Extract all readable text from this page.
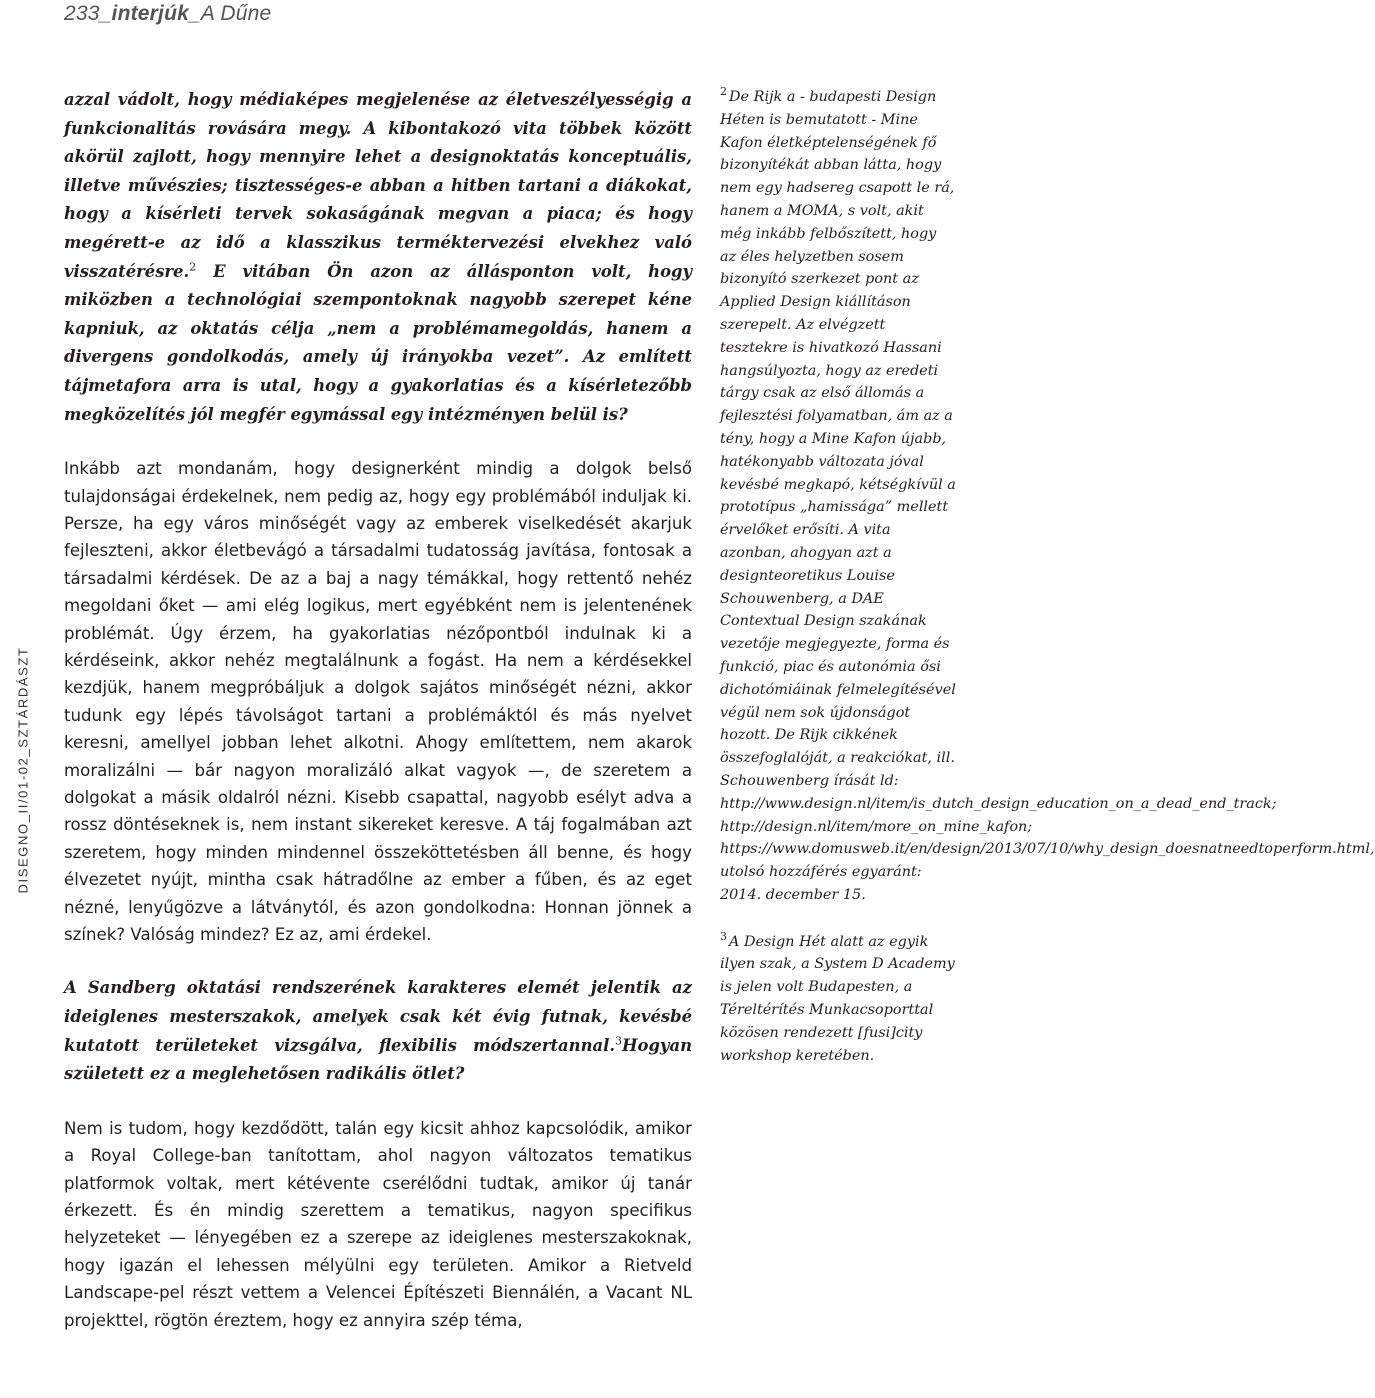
233_interjúk_A Dűne
DISEGNO_II/01-02_SZTÁRDÁSZT

azzal vádolt, hogy médiaképes megjelenése az életveszélyességig a funkcionalitás rovására megy. A kibontakozó vita többek között akörül zajlott, hogy mennyire lehet a designoktatás konceptuális, illetve művészies; tisztességes-e abban a hitben tartani a diákokat, hogy a kísérleti tervek sokaságának megvan a piaca; és hogy megérett-e az idő a klasszikus terméktervezési elvekhez való visszatérésre.$^2$ E vitában Ön azon az állásponton volt, hogy miközben a technológiai szempontoknak nagyobb szerepet kéne kapniuk, az oktatás célja „nem a problémamegoldás, hanem a divergens gondolkodás, amely új irányokba vezet”. Az említett tájmetafora arra is utal, hogy a gyakorlatias és a kísérletezőbb megközelítés jól megfér egymással egy intézményen belül is?

Inkább azt mondanám, hogy designerként mindig a dolgok belső tulajdonságai érdekelnek, nem pedig az, hogy egy problémából induljak ki. Persze, ha egy város minőségét vagy az emberek viselkedését akarjuk fejleszteni, akkor életbevágó a társadalmi tudatosság javítása, fontosak a társadalmi kérdések. De az a baj a nagy témákkal, hogy rettentő nehéz megoldani őket — ami elég logikus, mert egyébként nem is jelentenének problémát. Úgy érzem, ha gyakorlatias nézőpontból indulnak ki a kérdéseink, akkor nehéz megtalálnunk a fogást. Ha nem a kérdésekkel kezdjük, hanem megpróbáljuk a dolgok sajátos minőségét nézni, akkor tudunk egy lépés távolságot tartani a problémáktól és más nyelvet keresni, amellyel jobban lehet alkotni. Ahogy említettem, nem akarok moralizálni — bár nagyon moralizáló alkat vagyok —, de szeretem a dolgokat a másik oldalról nézni. Kisebb csapattal, nagyobb esélyt adva a rossz döntéseknek is, nem instant sikereket keresve. A táj fogalmában azt szeretem, hogy minden mindennel összeköttetésben áll benne, és hogy élvezetet nyújt, mintha csak hátradőlne az ember a fűben, és az eget nézné, lenyűgözve a látványtól, és azon gondolkodna: Honnan jönnek a színek? Valóság mindez? Ez az, ami érdekel.

A Sandberg oktatási rendszerének karakteres elemét jelentik az ideiglenes mesterszakok, amelyek csak két évig futnak, kevésbé kutatott területeket vizsgálva, flexibilis módszertannal.$^3$Hogyan született ez a meglehetősen radikális ötlet?

Nem is tudom, hogy kezdődött, talán egy kicsit ahhoz kapcsolódik, amikor a Royal College-ban tanítottam, ahol nagyon változatos tematikus platformok voltak, mert kétévente cserélődni tudtak, amikor új tanár érkezett. És én mindig szerettem a tematikus, nagyon specifikus helyzeteket — lényegében ez a szerepe az ideiglenes mesterszakoknak, hogy igazán el lehessen mélyülni egy területen. Amikor a Rietveld Landscape-pel részt vettem a Velencei Építészeti Biennálén, a Vacant NL projekttel, rögtön éreztem, hogy ez annyira szép téma,

$^2$ De Rijk a - budapesti Design Héten is bemutatott - Mine Kafon életképtelenségének fő bizonyítékát abban látta, hogy nem egy hadsereg csapott le rá, hanem a MOMA, s volt, akit még inkább felbőszített, hogy az éles helyzetben sosem bizonyító szerkezet pont az Applied Design kiállításon szerepelt. Az elvégzett tesztekre is hivatkozó Hassani hangsúlyozta, hogy az eredeti tárgy csak az első állomás a fejlesztési folyamatban, ám az a tény, hogy a Mine Kafon újabb, hatékonyabb változata jóval kevésbé megkapó, kétségkívül a prototípus „hamissága” mellett érvelőket erősíti. A vita azonban, ahogyan azt a designteoretikus Louise Schouwenberg, a DAE Contextual Design szakának vezetője megjegyezte, forma és funkció, piac és autonómia ősi dichotómiáinak felmelegítésével végül nem sok újdonságot hozott. De Rijk cikkének összefoglalóját, a reakciókat, ill. Schouwenberg írását ld: http://www.design.nl/item/is_dutch_design_education_on_a_dead_end_track; http://design.nl/item/more_on_mine_kafon; https://www.domusweb.it/en/design/2013/07/10/why_design_doesnatneedtoperform.html, utolsó hozzáférés egyaránt: 2014. december 15.

$^3$ A Design Hét alatt az egyik ilyen szak, a System D Academy is jelen volt Budapesten, a Téreltérítés Munkacsoporttal közösen rendezett [fusi]city workshop keretében.
